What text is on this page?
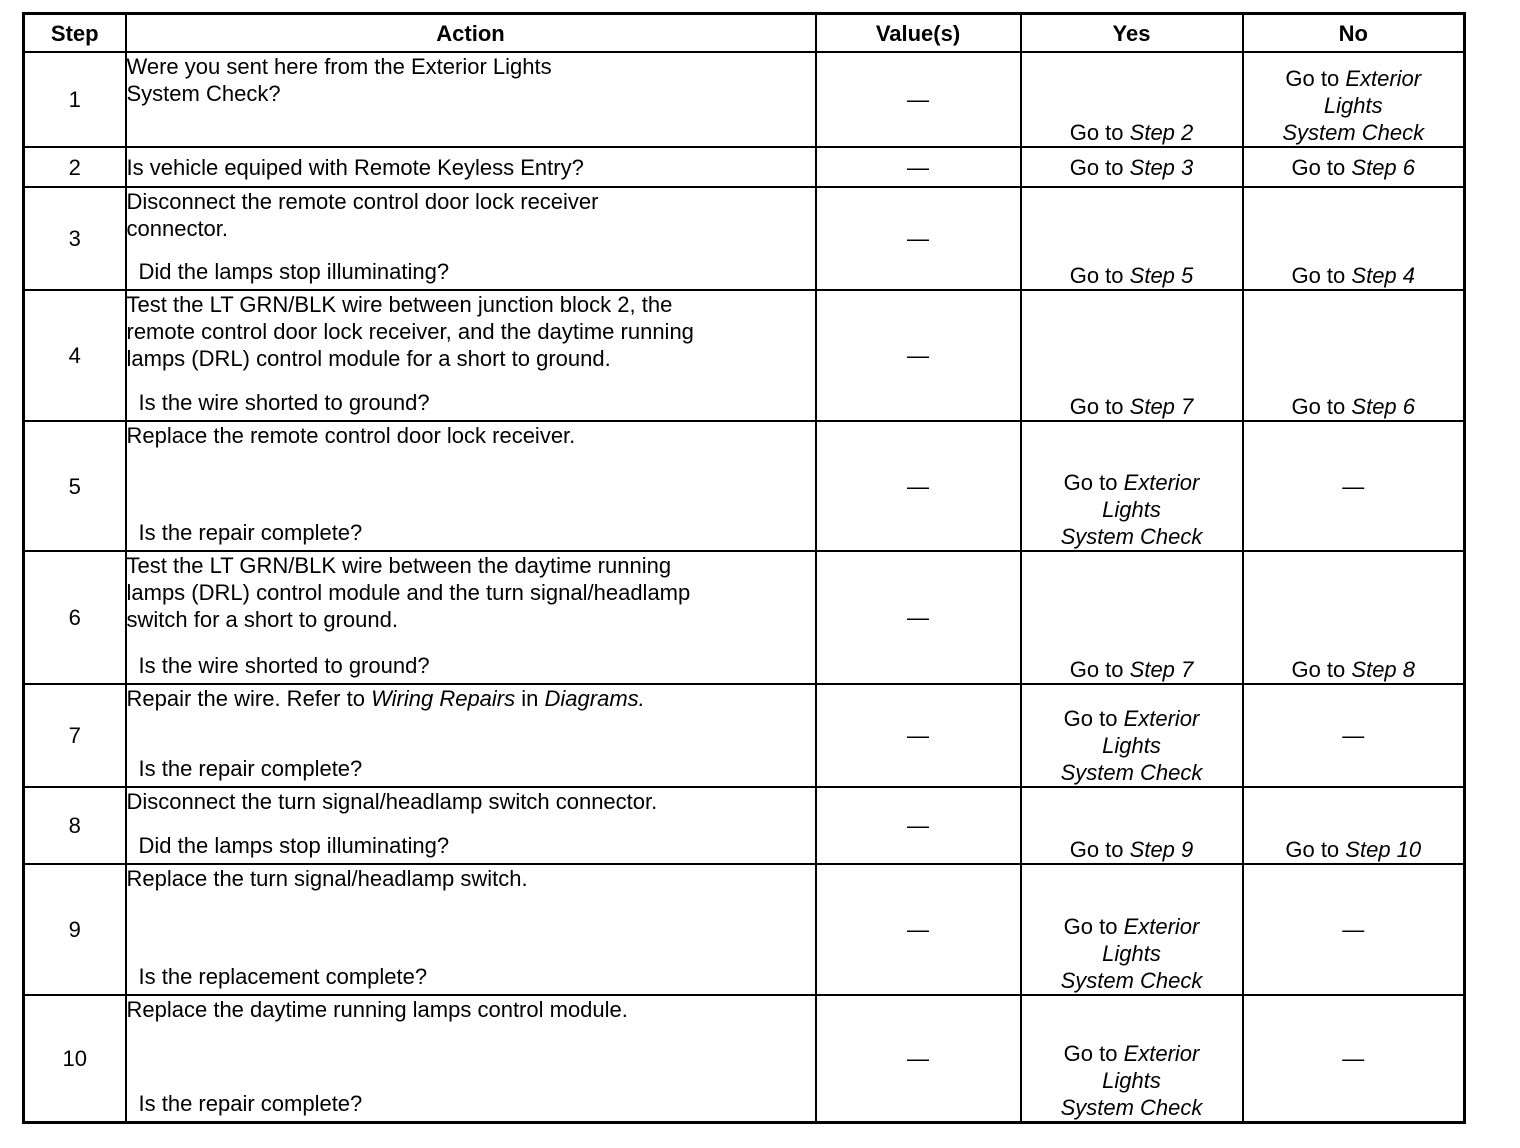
Step	Action	Value(s)	Yes	No
1	Were you sent here from the Exterior Lights
System Check?	—	Go to Step 2	Go to Exterior
Lights
System Check

2	Is vehicle equiped with Remote Keyless Entry?	—	Go to Step 3	Go to Step 6
3	Disconnect the remote control door lock receiver
connector.
Did the lamps stop illuminating?	—	Go to Step 5	Go to Step 4
4	Test the LT GRN/BLK wire between junction block 2, the
remote control door lock receiver, and the daytime running
lamps (DRL) control module for a short to ground.
Is the wire shorted to ground?	—	Go to Step 7	Go to Step 6
5	Replace the remote control door lock receiver.
Is the repair complete?	—	Go to Exterior
Lights
System Check	—
6	Test the LT GRN/BLK wire between the daytime running
lamps (DRL) control module and the turn signal/headlamp
switch for a short to ground.
Is the wire shorted to ground?	—	Go to Step 7	Go to Step 8
7	Repair the wire. Refer to Wiring Repairs in Diagrams.
Is the repair complete?	—	Go to Exterior
Lights
System Check	—
8	Disconnect the turn signal/headlamp switch connector.
Did the lamps stop illuminating?	—	Go to Step 9	Go to Step 10
9	Replace the turn signal/headlamp switch.
Is the replacement complete?	—	Go to Exterior
Lights
System Check	—
10	Replace the daytime running lamps control module.
Is the repair complete?	—	Go to Exterior
Lights
System Check	—
